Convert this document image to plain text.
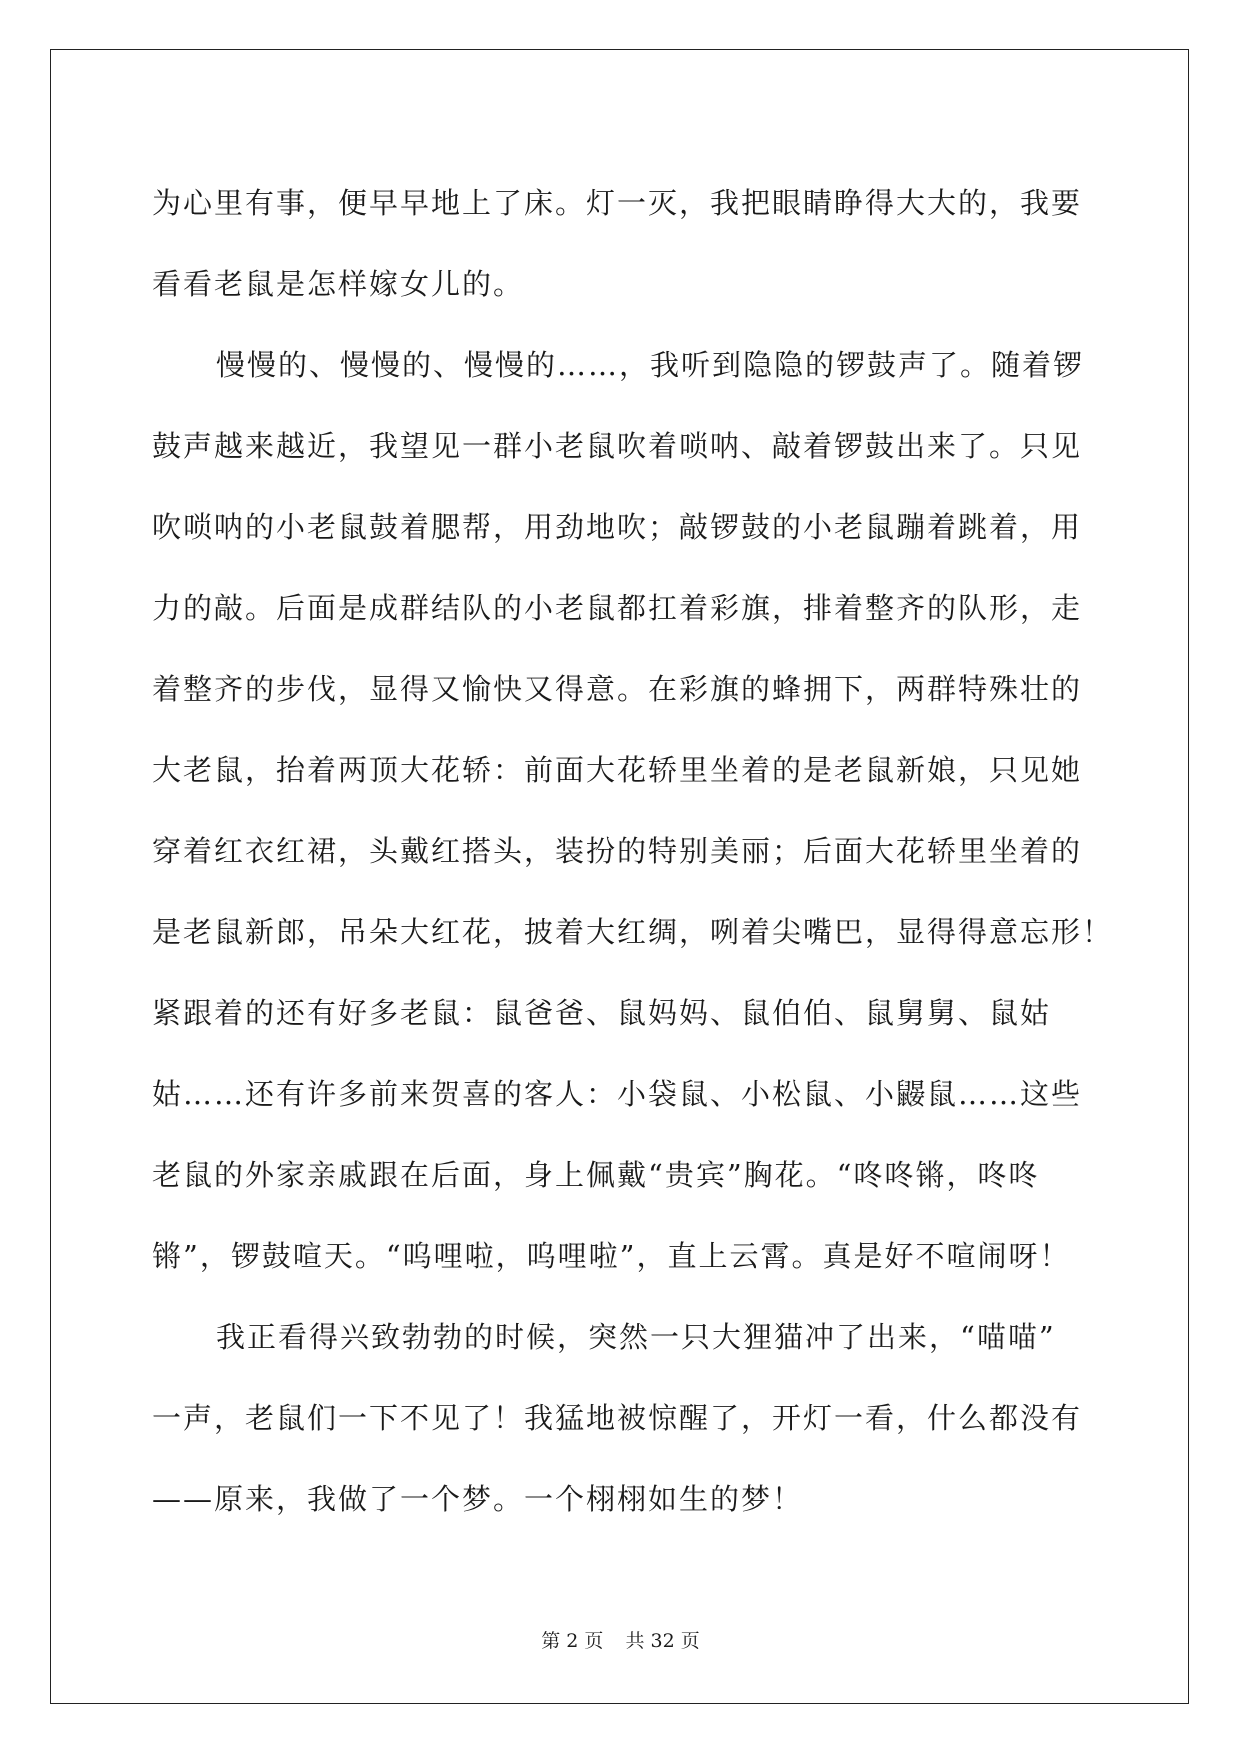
为心里有事，便早早地上了床。灯一灭，我把眼睛睁得大大的，我要
看看老鼠是怎样嫁女儿的。
慢慢的、慢慢的、慢慢的……，我听到隐隐的锣鼓声了。随着锣
鼓声越来越近，我望见一群小老鼠吹着唢呐、敲着锣鼓出来了。只见
吹唢呐的小老鼠鼓着腮帮，用劲地吹；敲锣鼓的小老鼠蹦着跳着，用
力的敲。后面是成群结队的小老鼠都扛着彩旗，排着整齐的队形，走
着整齐的步伐，显得又愉快又得意。在彩旗的蜂拥下，两群特殊壮的
大老鼠，抬着两顶大花轿：前面大花轿里坐着的是老鼠新娘，只见她
穿着红衣红裙，头戴红搭头，装扮的特别美丽；后面大花轿里坐着的
是老鼠新郎，吊朵大红花，披着大红绸，咧着尖嘴巴，显得得意忘形！
紧跟着的还有好多老鼠：鼠爸爸、鼠妈妈、鼠伯伯、鼠舅舅、鼠姑
姑……还有许多前来贺喜的客人：小袋鼠、小松鼠、小鼹鼠……这些
老鼠的外家亲戚跟在后面，身上佩戴“贵宾”胸花。“咚咚锵，咚咚
锵”，锣鼓喧天。“呜哩啦，呜哩啦”，直上云霄。真是好不喧闹呀！
我正看得兴致勃勃的时候，突然一只大狸猫冲了出来，“喵喵”
一声，老鼠们一下不见了！我猛地被惊醒了，开灯一看，什么都没有
——原来，我做了一个梦。一个栩栩如生的梦！
第 2 页 共 32 页
